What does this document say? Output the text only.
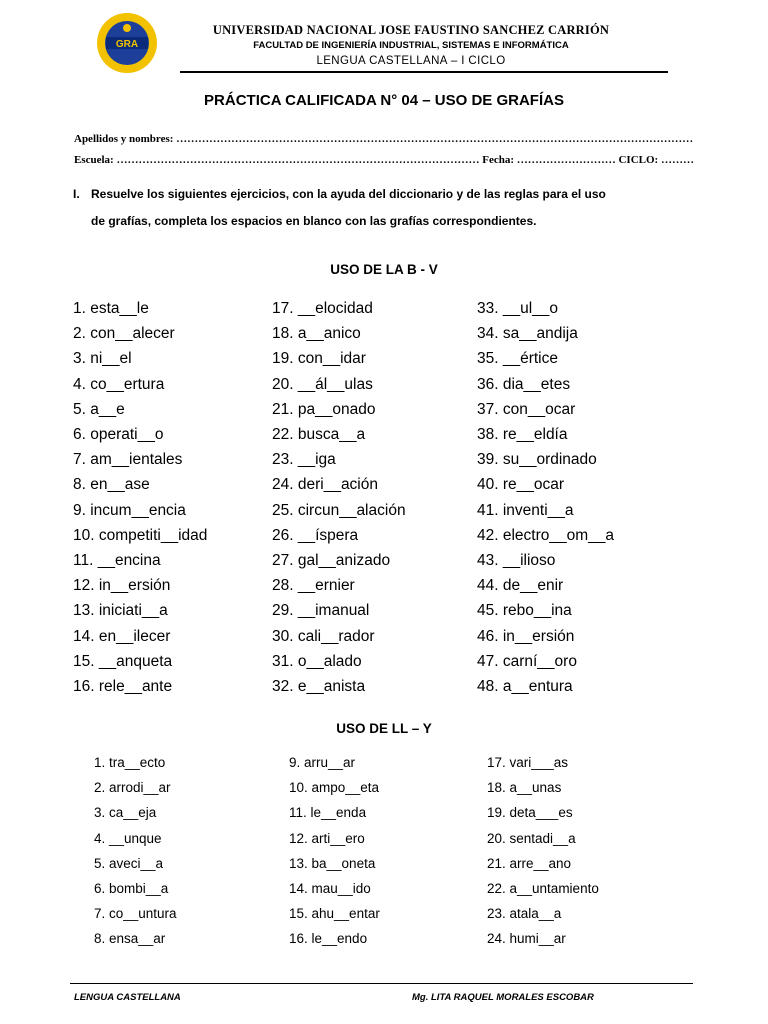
GRA
UNIVERSIDAD NACIONAL JOSE FAUSTINO SANCHEZ CARRIÓN
FACULTAD DE INGENIERÍA INDUSTRIAL, SISTEMAS E INFORMÁTICA
LENGUA CASTELLANA – I CICLO
PRÁCTICA CALIFICADA N° 04 – USO DE GRAFÍAS
Apellidos y nombres: ……………………………………………………………………………………………………………………………
Escuela: ……………………………………………………………………………………… Fecha: ……………………… CICLO: ………
I. Resuelve los siguientes ejercicios, con la ayuda del diccionario y de las reglas para el uso
de grafías, completa los espacios en blanco con las grafías correspondientes.
USO DE LA B - V
1. esta__le
2. con__alecer
3. ni__el
4. co__ertura
5. a__e
6. operati__o
7. am__ientales
8. en__ase
9. incum__encia
10. competiti__idad
11. __encina
12. in__ersión
13. iniciati__a
14. en__ilecer
15. __anqueta
16. rele__ante
17. __elocidad
18. a__anico
19. con__idar
20. __ál__ulas
21. pa__onado
22. busca__a
23. __iga
24. deri__ación
25. circun__alación
26. __íspera
27. gal__anizado
28. __ernier
29. __imanual
30. cali__rador
31. o__alado
32. e__anista
33. __ul__o
34. sa__andija
35. __értice
36. dia__etes
37. con__ocar
38. re__eldía
39. su__ordinado
40. re__ocar
41. inventi__a
42. electro__om__a
43. __ilioso
44. de__enir
45. rebo__ina
46. in__ersión
47. carní__oro
48. a__entura
USO DE LL – Y
1. tra__ecto
2. arrodi__ar
3. ca__eja
4. __unque
5. aveci__a
6. bombi__a
7. co__untura
8. ensa__ar
9. arru__ar
10. ampo__eta
11. le__enda
12. arti__ero
13. ba__oneta
14. mau__ido
15. ahu__entar
16. le__endo
17. vari___as
18. a__unas
19. deta___es
20. sentadi__a
21. arre__ano
22. a__untamiento
23. atala__a
24. humi__ar
LENGUA CASTELLANA	Mg. LITA RAQUEL MORALES ESCOBAR
